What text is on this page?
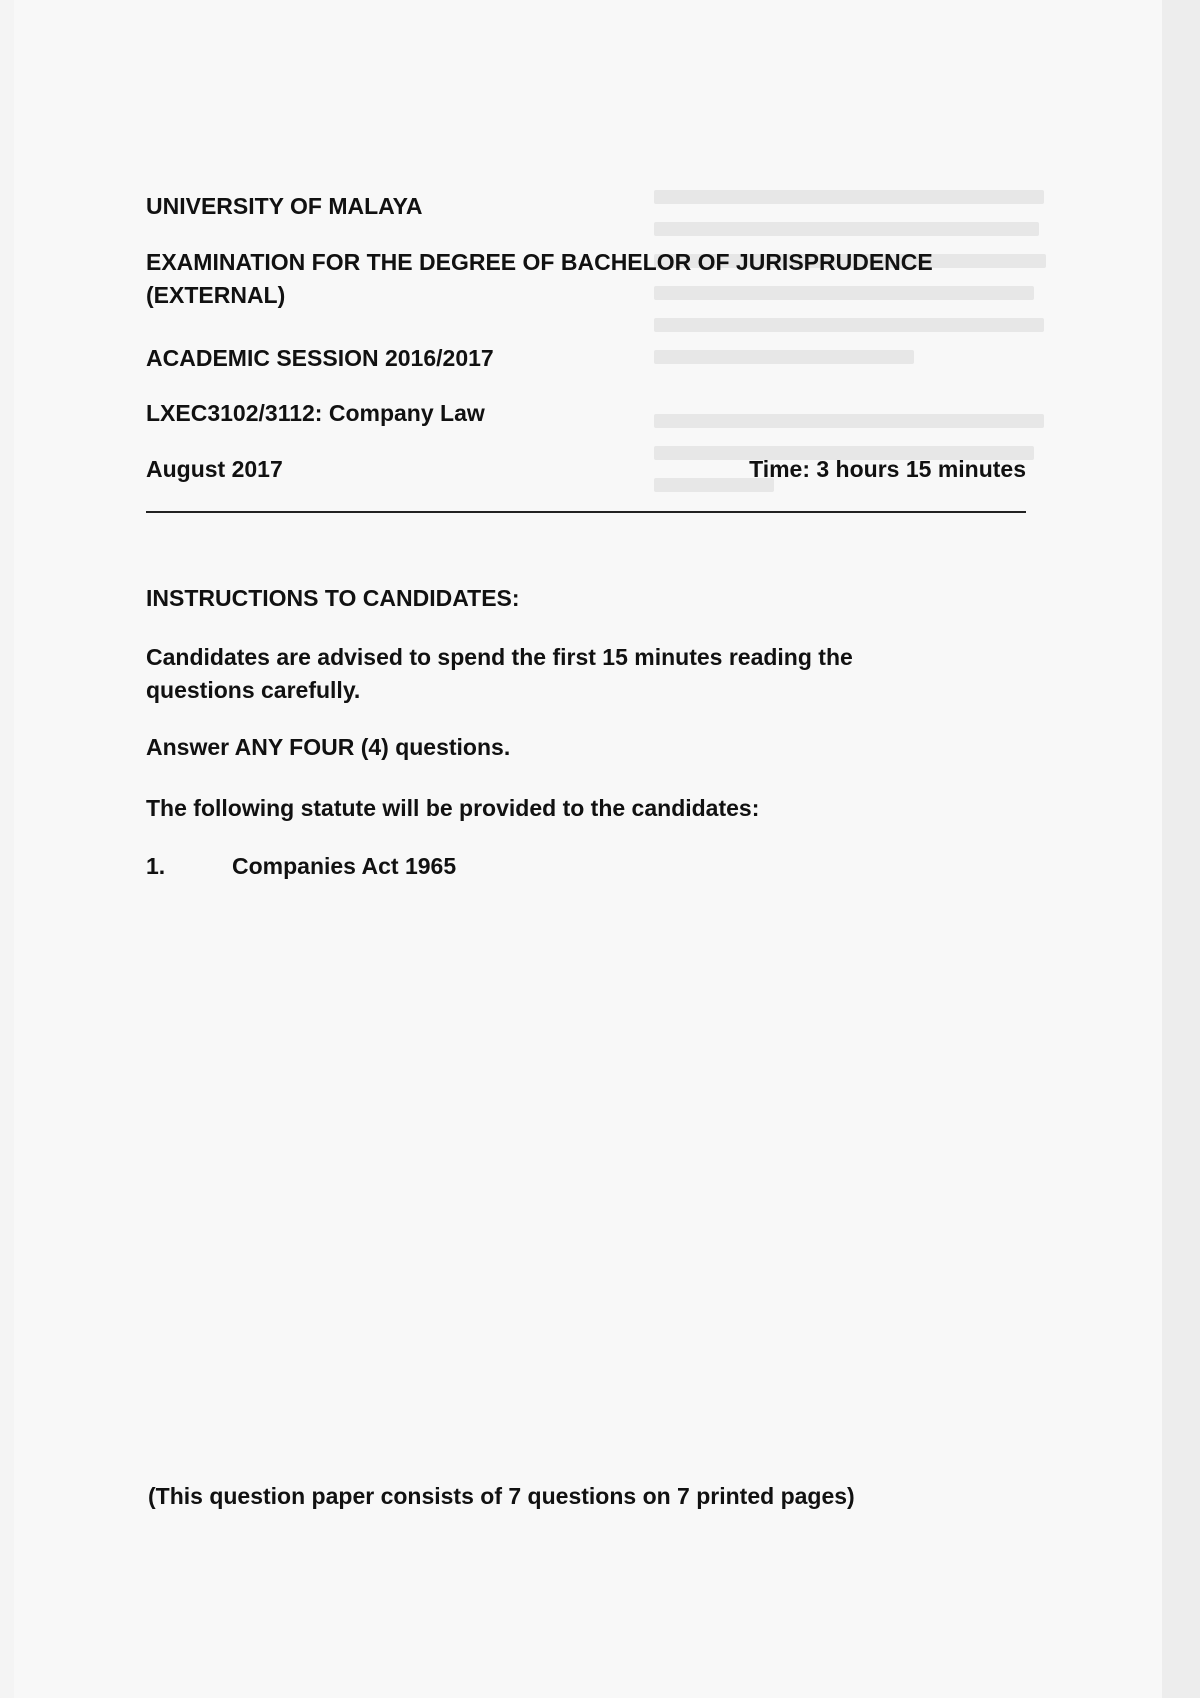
UNIVERSITY OF MALAYA
EXAMINATION FOR THE DEGREE OF BACHELOR OF JURISPRUDENCE (EXTERNAL)
ACADEMIC SESSION 2016/2017
LXEC3102/3112: Company Law
August 2017	Time: 3 hours 15 minutes
INSTRUCTIONS TO CANDIDATES:
Candidates are advised to spend the first 15 minutes reading the questions carefully.
Answer ANY FOUR (4) questions.
The following statute will be provided to the candidates:
1.	Companies Act 1965
(This question paper consists of 7 questions on 7 printed pages)
